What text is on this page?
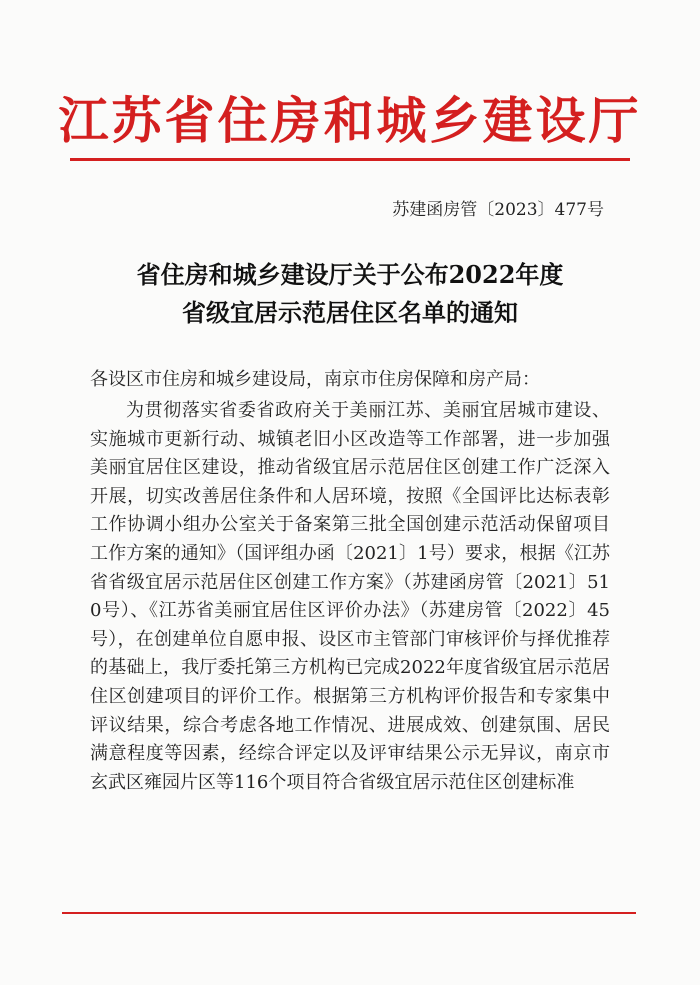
江苏省住房和城乡建设厅
苏建函房管〔2023〕477号
省住房和城乡建设厅关于公布2022年度
省级宜居示范居住区名单的通知
各设区市住房和城乡建设局，南京市住房保障和房产局：
为贯彻落实省委省政府关于美丽江苏、美丽宜居城市建设、实施城市更新行动、城镇老旧小区改造等工作部署，进一步加强美丽宜居住区建设，推动省级宜居示范居住区创建工作广泛深入开展，切实改善居住条件和人居环境，按照《全国评比达标表彰工作协调小组办公室关于备案第三批全国创建示范活动保留项目工作方案的通知》（国评组办函〔2021〕1号）要求，根据《江苏省省级宜居示范居住区创建工作方案》（苏建函房管〔2021〕510号）、《江苏省美丽宜居住区评价办法》（苏建房管〔2022〕45号），在创建单位自愿申报、设区市主管部门审核评价与择优推荐的基础上，我厅委托第三方机构已完成2022年度省级宜居示范居住区创建项目的评价工作。根据第三方机构评价报告和专家集中评议结果，综合考虑各地工作情况、进展成效、创建氛围、居民满意程度等因素，经综合评定以及评审结果公示无异议，南京市玄武区雍园片区等116个项目符合省级宜居示范住区创建标准
